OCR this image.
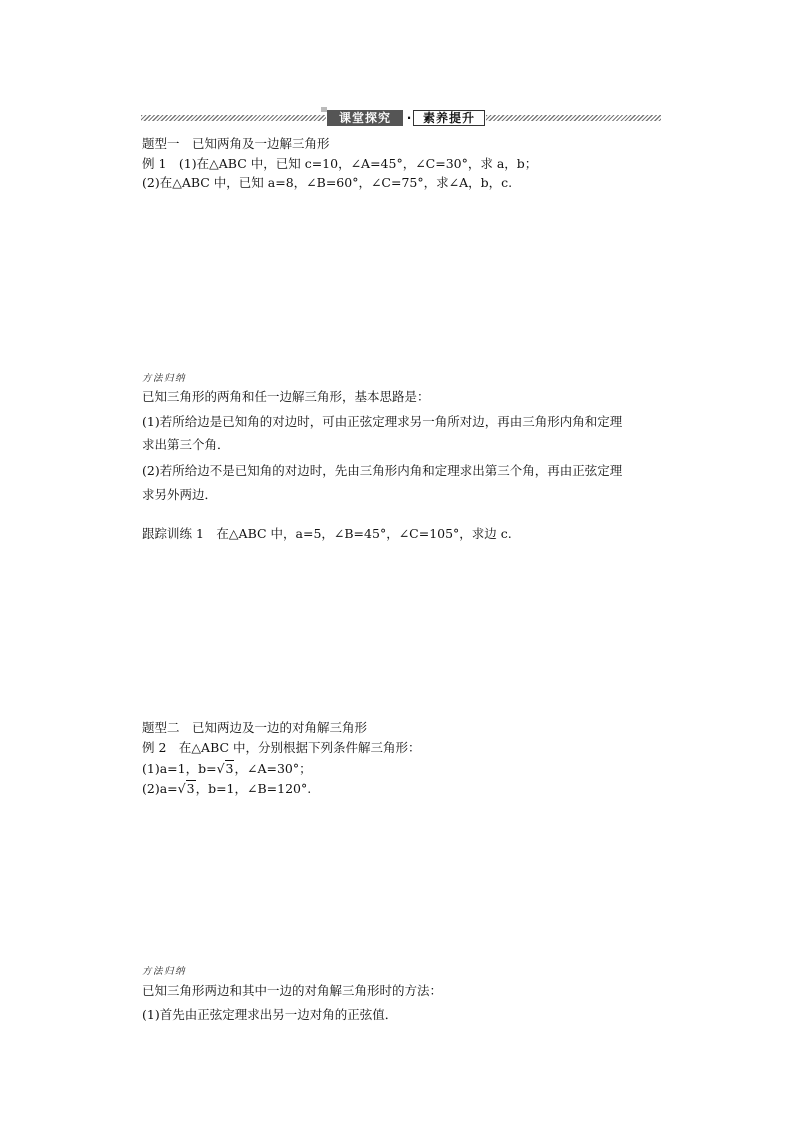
课堂探究	· 素养提升
题型一　已知两角及一边解三角形
例 1　(1)在△ABC 中，已知 c=10，∠A=45°，∠C=30°，求 a，b；
(2)在△ABC 中，已知 a=8，∠B=60°，∠C=75°，求∠A，b，c.
方法归纳
已知三角形的两角和任一边解三角形，基本思路是：
(1)若所给边是已知角的对边时，可由正弦定理求另一角所对边，再由三角形内角和定理
求出第三个角．
(2)若所给边不是已知角的对边时，先由三角形内角和定理求出第三个角，再由正弦定理
求另外两边．
跟踪训练 1　在△ABC 中，a=5，∠B=45°，∠C=105°，求边 c.
题型二　已知两边及一边的对角解三角形
例 2　在△ABC 中，分别根据下列条件解三角形：
(1)a=1，b=√3，∠A=30°；
(2)a=√3，b=1，∠B=120°.
方法归纳
已知三角形两边和其中一边的对角解三角形时的方法：
(1)首先由正弦定理求出另一边对角的正弦值．
